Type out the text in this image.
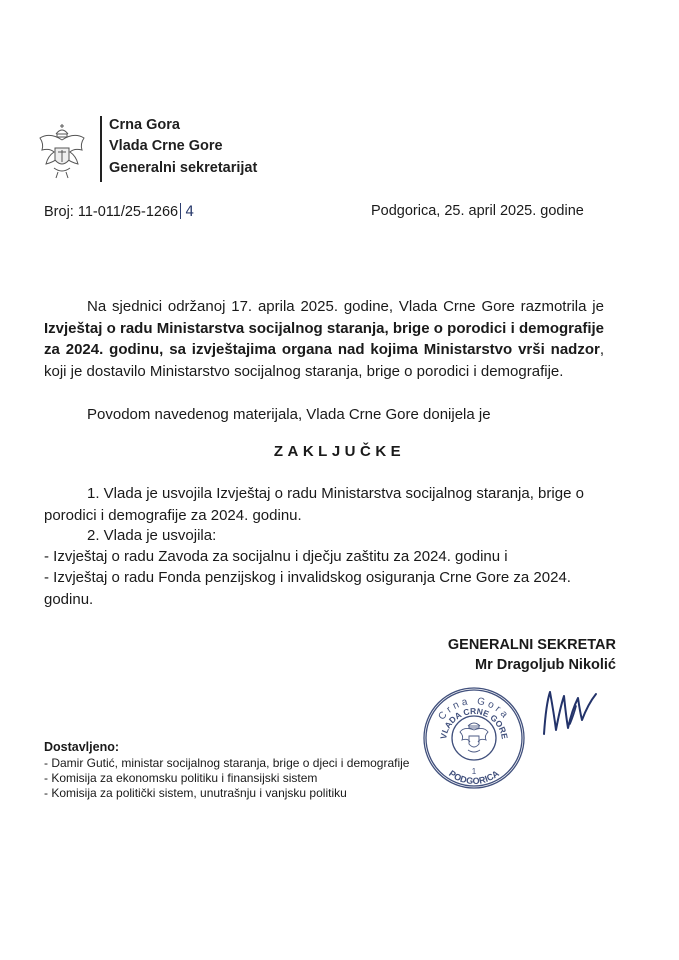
Crna Gora
Vlada Crne Gore
Generalni sekretarijat
Broj: 11-011/25-1266 4	Podgorica, 25. april 2025. godine
Na sjednici održanoj 17. aprila 2025. godine, Vlada Crne Gore razmotrila je Izvještaj o radu Ministarstva socijalnog staranja, brige o porodici i demografije za 2024. godinu, sa izvještajima organa nad kojima Ministarstvo vrši nadzor, koji je dostavilo Ministarstvo socijalnog staranja, brige o porodici i demografije.
Povodom navedenog materijala, Vlada Crne Gore donijela je
ZAKLJUČKE
1. Vlada je usvojila Izvještaj o radu Ministarstva socijalnog staranja, brige o porodici i demografije za 2024. godinu.
2. Vlada je usvojila:
- Izvještaj o radu Zavoda za socijalnu i dječju zaštitu za 2024. godinu i
- Izvještaj o radu Fonda penzijskog i invalidskog osiguranja Crne Gore za 2024. godinu.
GENERALNI SEKRETAR
Mr Dragoljub Nikolić
Crna Gora
VLADA CRNE GORE
PODGORICA
1
Dostavljeno:
- Damir Gutić, ministar socijalnog staranja, brige o djeci i demografije
- Komisija za ekonomsku politiku i finansijski sistem
- Komisija za politički sistem, unutrašnju i vanjsku politiku
